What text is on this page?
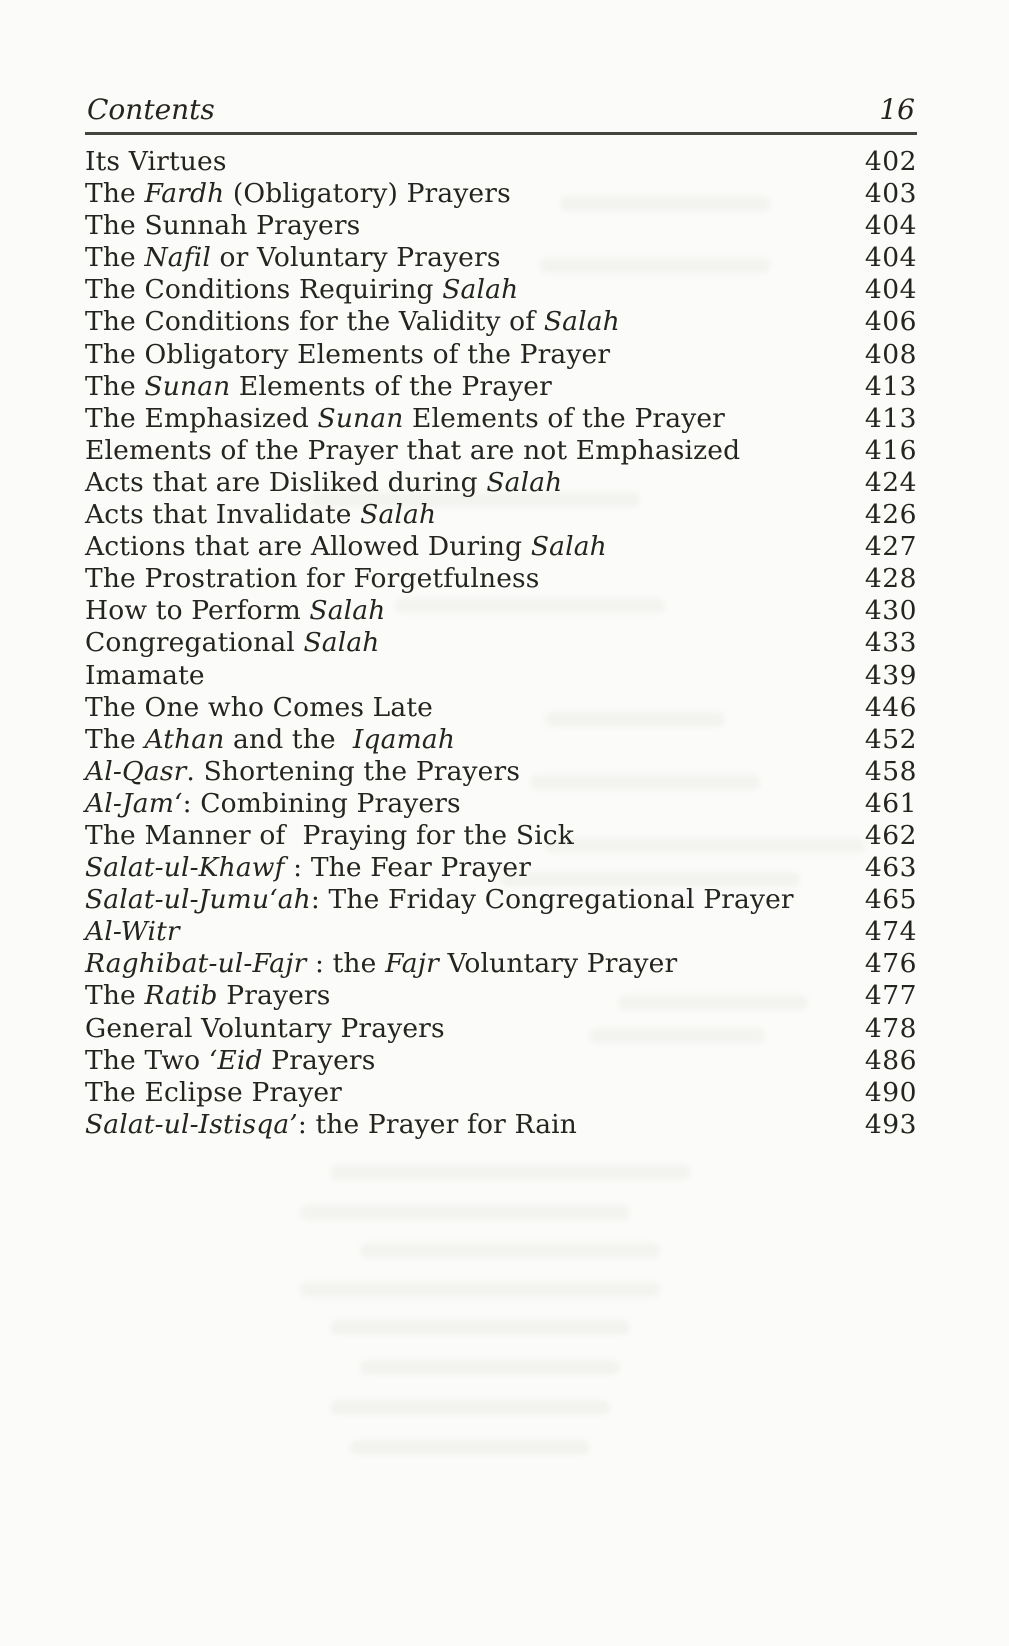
Contents	16
Its Virtues	402
The Fardh (Obligatory) Prayers	403
The Sunnah Prayers	404
The Nafil or Voluntary Prayers	404
The Conditions Requiring Salah	404
The Conditions for the Validity of Salah	406
The Obligatory Elements of the Prayer	408
The Sunan Elements of the Prayer	413
The Emphasized Sunan Elements of the Prayer	413
Elements of the Prayer that are not Emphasized	416
Acts that are Disliked during Salah	424
Acts that Invalidate Salah	426
Actions that are Allowed During Salah	427
The Prostration for Forgetfulness	428
How to Perform Salah	430
Congregational Salah	433
Imamate	439
The One who Comes Late	446
The Athan and the  Iqamah	452
Al-Qasr. Shortening the Prayers	458
Al-Jam‘: Combining Prayers	461
The Manner of  Praying for the Sick	462
Salat-ul-Khawf : The Fear Prayer	463
Salat-ul-Jumu‘ah: The Friday Congregational Prayer	465
Al-Witr	474
Raghibat-ul-Fajr : the Fajr Voluntary Prayer	476
The Ratib Prayers	477
General Voluntary Prayers	478
The Two ‘Eid Prayers	486
The Eclipse Prayer	490
Salat-ul-Istisqa’: the Prayer for Rain	493
